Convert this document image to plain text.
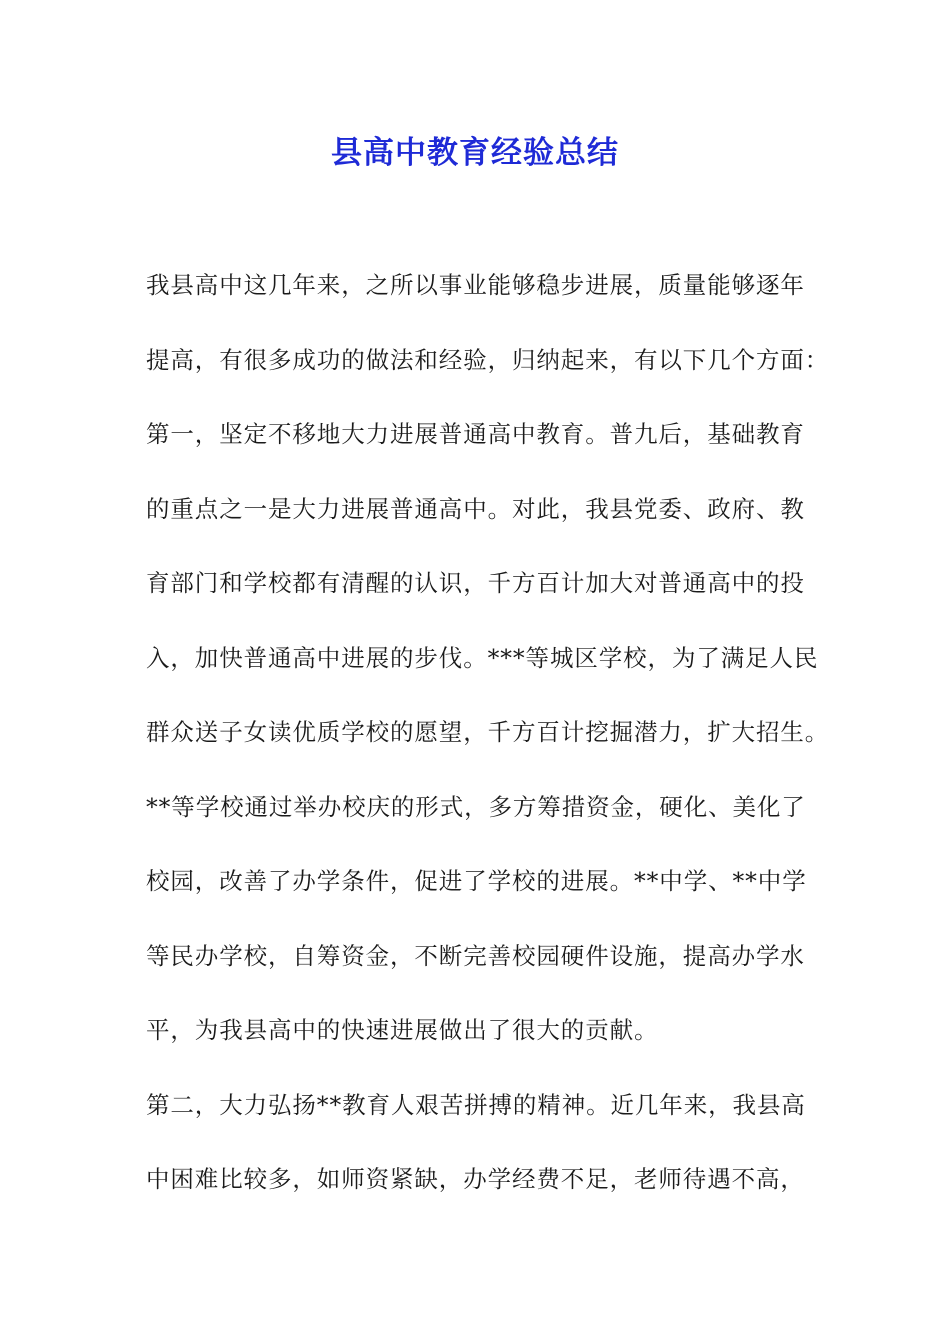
县高中教育经验总结
我县高中这几年来，之所以事业能够稳步进展，质量能够逐年
提高，有很多成功的做法和经验，归纳起来，有以下几个方面：
第一，坚定不移地大力进展普通高中教育。普九后，基础教育
的重点之一是大力进展普通高中。对此，我县党委、政府、教
育部门和学校都有清醒的认识，千方百计加大对普通高中的投
入，加快普通高中进展的步伐。***等城区学校，为了满足人民
群众送子女读优质学校的愿望，千方百计挖掘潜力，扩大招生。
**等学校通过举办校庆的形式，多方筹措资金，硬化、美化了
校园，改善了办学条件，促进了学校的进展。**中学、**中学
等民办学校，自筹资金，不断完善校园硬件设施，提高办学水
平，为我县高中的快速进展做出了很大的贡献。
第二，大力弘扬**教育人艰苦拼搏的精神。近几年来，我县高
中困难比较多，如师资紧缺，办学经费不足，老师待遇不高，
